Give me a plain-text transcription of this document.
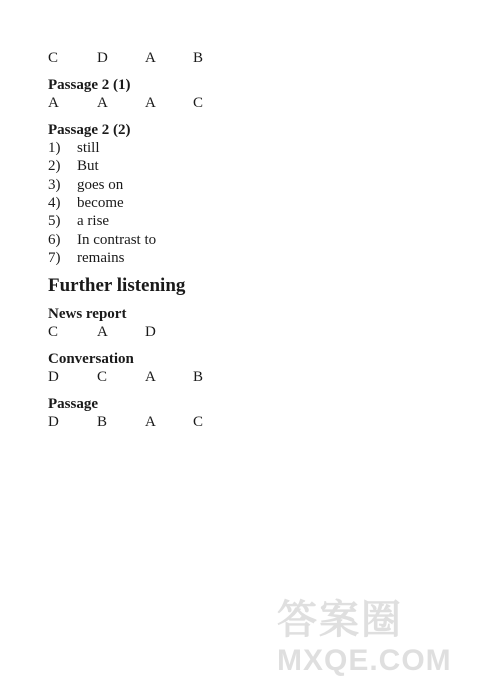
C	D A B
Passage 2 (1)
A	A A C
Passage 2 (2)
1) still
2) But
3) goes on
4) become
5) a rise
6) In contrast to
7) remains
Further listening
News report
C	A D
Conversation
D	C	A B
Passage
D	B	A C
答案圈
MXQE.COM
